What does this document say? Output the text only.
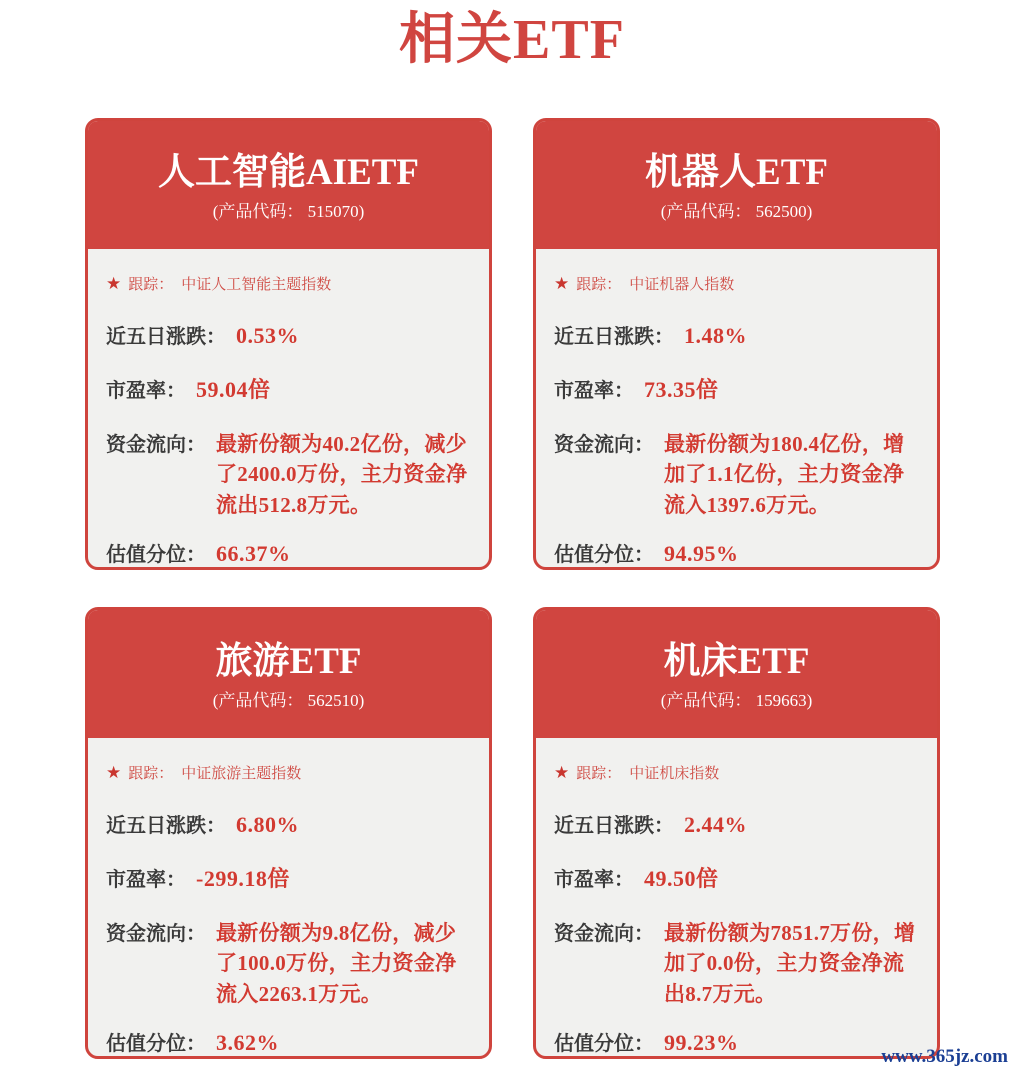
相关ETF
人工智能AIETF
(产品代码： 515070)
★ 跟踪： 中证人工智能主题指数
近五日涨跌： 0.53%
市盈率： 59.04倍
资金流向： 最新份额为40.2亿份，减少了2400.0万份，主力资金净流出512.8万元。
估值分位： 66.37%
机器人ETF
(产品代码： 562500)
★ 跟踪： 中证机器人指数
近五日涨跌： 1.48%
市盈率： 73.35倍
资金流向： 最新份额为180.4亿份，增加了1.1亿份，主力资金净流入1397.6万元。
估值分位： 94.95%
旅游ETF
(产品代码： 562510)
★ 跟踪： 中证旅游主题指数
近五日涨跌： 6.80%
市盈率： -299.18倍
资金流向： 最新份额为9.8亿份，减少了100.0万份，主力资金净流入2263.1万元。
估值分位： 3.62%
机床ETF
(产品代码： 159663)
★ 跟踪： 中证机床指数
近五日涨跌： 2.44%
市盈率： 49.50倍
资金流向： 最新份额为7851.7万份，增加了0.0份，主力资金净流出8.7万元。
估值分位： 99.23%
www.365jz.com
